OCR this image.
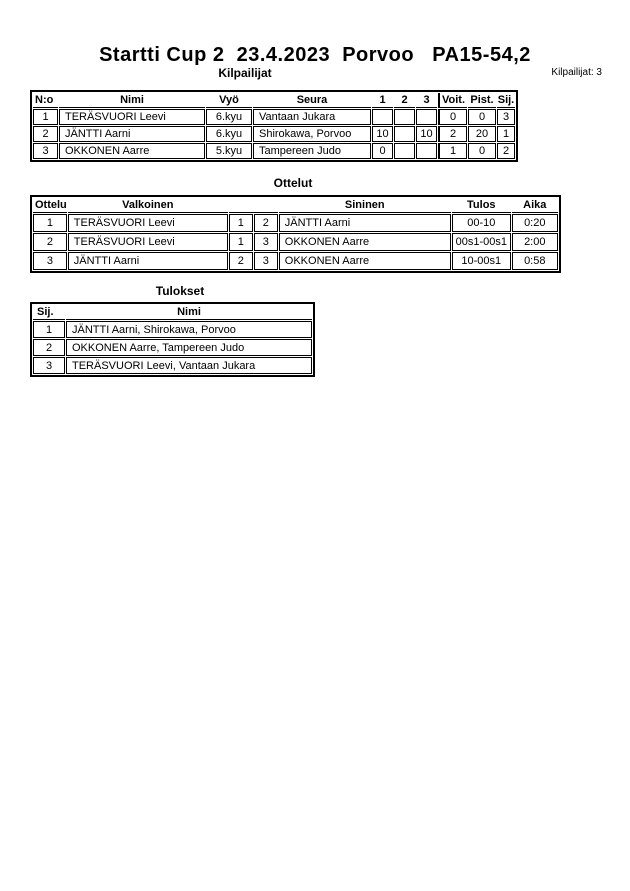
Startti Cup 2  23.4.2023  Porvoo   PA15-54,2
Kilpailijat	Kilpailijat: 3
N:o	Nimi	Vyö	Seura	1	2	3	Voit.	Pist.	Sij.
1	TERÄSVUORI Leevi	6.kyu	Vantaan Jukara				0	0	3
2	JÄNTTI Aarni	6.kyu	Shirokawa, Porvoo	10		10	2	20	1
3	OKKONEN Aarre	5.kyu	Tampereen Judo	0			1	0	2
Ottelut
Ottelu	Valkoinen			Sininen	Tulos	Aika
1	TERÄSVUORI Leevi	1	2	JÄNTTI Aarni	00-10	0:20
2	TERÄSVUORI Leevi	1	3	OKKONEN Aarre	00s1-00s1	2:00
3	JÄNTTI Aarni	2	3	OKKONEN Aarre	10-00s1	0:58
Tulokset
Sij.	Nimi
1	JÄNTTI Aarni, Shirokawa, Porvoo
2	OKKONEN Aarre, Tampereen Judo
3	TERÄSVUORI Leevi, Vantaan Jukara
